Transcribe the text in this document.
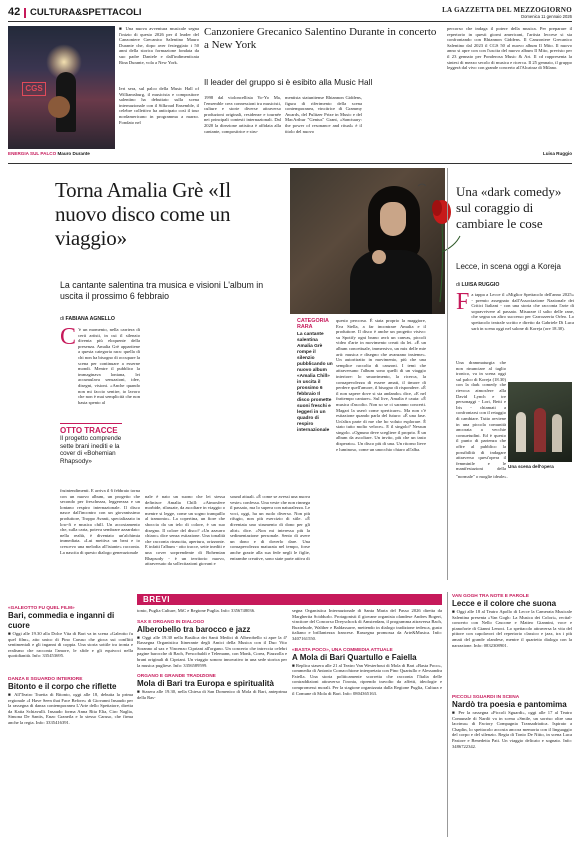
42 CULTURA&SPETTACOLI	LA GAZZETTA DEL MEZZOGIORNO
Domenica 11 gennaio 2026
CGS
ENERGIA SUL PALCO Mauro Durante
■ Una nuova avventura musicale segna l'inizio di questo 2026 per il leader del Canzoniere Grecanico Salentino Mauro Durante che, dopo aver festeggiato i 50 anni della storica formazione fondata da suo padre Daniele e dall'indimenticata Rina Durante, vola a New York.
Ieri sera, sul palco della Music Hall of Williamsburg, il musicista e compositore salentino ha debuttato sulla scena internazionale con il Silkroad Ensemble, il celebre collettivo ha anticipato così il tour nordamericano in programma a marzo. Fondato nel
Canzoniere Grecanico Salentino Durante in concerto a New York
Il leader del gruppo si è esibito alla Music Hall
1998 dal violoncellista Yo-Yo Ma, l'ensemble crea connessioni tra musicisti, culture e storie diverse attraverso produzioni originali, residenze e tournée nei principali contesti internazionali. Dal 2020 la direzione artistica è affidata alla cantante, compositrice e stru-
mentista statunitense Rhiannon Giddens, figura di riferimento della scena contemporanea, vincitrice di Grammy Awards, del Pulitzer Prize in Music e del MacArthur "Genius" Grant, «Sanctuary: the power of resonance and ritual» è il titolo del nuovo
percorso che indaga il potere della musica. Per preparare il repertorio in questi giorni americani, l'artista leccese si sta confrontando con Rhiannon Giddens. Il Canzoniere Grecanico Salentino dal 2023 il CGS 50 al nuovo album Il Mito. Il nuovo anno si apre con con l'uscita del nuovo album Il Mito, previsto per il 23 gennaio per Ponderosa Music & Art. Il cd rappresenta la sintesi di mezzo secolo di musica e ricerca. Il 25 gennaio, il gruppo leggerà dal vivo con grande concerto all'Alcatraz di Milano.
Luisa Ruggio
Torna Amalia Grè «Il nuovo disco come un viaggio»
La cantante salentina tra musica e visioni L'album in uscita il prossimo 6 febbraio
CATEGORIA RARA
La cantante salentina Amalia Grè rompe il silenzio pubblicando un nuovo album «Amalia Chill» in uscita il prossimo 6 febbraio Il disco promette suoni freschi e leggeri in un quadro di respiro internazionale
di FABIANA AGNELLO
C 'è un momento, nella carriera di certi artisti, in cui il silenzio diventa più eloquente della presenza. Amalia Grè appartiene a questa categoria rara: quella di chi non ha bisogno di occupare la scena per continuare a esserne mondi. Mentre il pubblico la immaginava lontana, lei accumulava sensazioni, idee, disegni, visioni. «Anche quando non mi faccio sentire, io lavoro che non è mai semplicità che non basta spento al
OTTO TRACCE
Il progetto comprende sette brani inediti e la cover di «Bohemian Rhapsody»
fruintendimenti. E arriva il 6 febbraio torna con un nuovo album, un progetto che secondo per freschezza, leggerezza e un lontano respiro internazionale. Il disco nasce dall'incontro con un giovanissimo produttore, Troppo Avanti, specializzato in low-fi e musica chill. Un accostamento che, sulla carta, poteva sembrare azzardato: nella realtà, è diventato un'alchimia immediata. «Lui mettiva un beat e io crescevo una melodia all'istante» racconta. La nascita di questo dialogo generazionale
nale è nato un suono che lei stessa definisce Amalia Chill: «Atmosfere morbide, rilassate, da ascoltare in viaggio o mentre si legge, come un sogno tranquillo al tramonto». La copertina, un fiore che sboccia da un telo di colore, è un suo disegno. Il colore del disco? «Un azzurro chiaro» dice senza esitazione. Una tonalità che racconta rinascita, apertura, orizzonte. E infatti l'album - otto tracce, sette inediti e una cover sorprendente di Bohemian Rhapsody - è un territorio nuovo, attraversato da sollecitazioni giovani e
sound attuali. «È come se avessi una nuova veste» confessa. Una veste che non rinnega il passato, ma lo supera con naturalezza. Le voci, oggi, ha un ruolo diverso. Non più rifugio, non più esercizio di stile. «È diventata uno strumento di dono per gli altri» dice. «Non mi interessa più la sedimentazione personale. Sento di avere un dono e di doverlo dare. Una consapevolezza maturata nel tempo, forse anche grazie alla sua fede negli le figlie, entrambe creative, sono state parte attiva di
questo percorso. È stata proprio la maggiore, Eva Stella, a far incontrare Amalia e il produttore. Il disco è anche un progetto visivo: su Spotify ogni brano avrà un canvas, piccoli video d'arte in movimento creati da lei. «È un album concettuale, immersivo, un mix delle mie arti: musica e disegno che avanzano insieme». Un autoritratto in movimento, più che una semplice raccolta di canzoni. I temi che attraversano l'album sono quelli di un viaggio interiore: lo smarrimento, la ricerca, la consapevolezza di essere amati, il timore di perdere quell'amore, il bisogno di rispondere. «È il non sapere dove si sta andando» dice, «E nel frattempo cantare». Sul live, Amalia è cauta: «È musica d'ascolto. Non so se ci saranno concerti. Magari la useró come sperticare». Ma non c'è esitazione quando parla del futuro: «È una fase. Un'altra parte di me che ho voluto esplorare. È stato tutto molto veloce». E il singolo? Nessun singolo. «Ognuno deve scegliere il proprio. È un album da ascoltare. Un invito, più che un tasto disperato». Un disco più di una. Un ritorno lieve e luminoso, come un unocchio chiaro all'alba.
Una «dark comedy» sul coraggio di cambiare le cose
Lecce, in scena oggi a Koreja
di LUISA RUGGIO
F a tappa a Lecce il «Miglior Spettacolo dell'anno 2025» - premio assegnato dall'Associazione Nazionale dei Critici Italiani - con una storia che racconta l'arte di sopravvivere al passato. Misurare il salto delle rane, che segna un altro successo per Carrozzeria Orfeo. Lo spettacolo teatrale scritto e diretto da Gabriele Di Luca sarà in scena oggi nel salone di Koreja (ore 18.30).
Una drammaturgia che non rinunciare al taglio ironico, va in scena oggi sul palco di Koreja (18.30) con la dark comedy che rievoca atmosfere alla David Lynch e tre personaggi - Lori, Betti e Iris - chiamati a confrontarsi con il retaggio di cambiare. Tutto avviene in una piccola comunità ancorata a vecchie consuetudini. Ed è questo il punto di partenza che offre al pubblico la possibilità di indagare attraverso quest'opera il femminile e le manifestazioni della Una scena dell'opera
"normale" o moglie ideale».
BREVI
«GALEOTTO FU QUEL FILM»
Bari, commedia e inganni di cuore
■ Oggi alle 19.30 alla Dolce Vita di Bari va in scena «Galeotto fu quel film», atto unico di Pino Caruso che gioca sui conflitti sentimentali e gli inganni di coppia. Una storia sottile tra ironia e realismo che racconta l'amore, le sfide e gli equivoci nella quotidianità. Info: 335453695.
DANZA E SGUARDO INTERIORE
Bitonto e il corpo che riflette
■ All'Teatro Traetta di Bitonto, oggi alle 18, debutta la prima regionale «I Have Seen that Face Before» di Giovanni Insaudo per la rassegna di danza contemporanea L'Arte dello Spettatore, diretta da Katia Schiavulli. Insaudo forma Anna Rita Elia, Ciro Naglia, Simona De Santis, Enzo Graneila e lo stesso Caruso, che firma anche la regia. Info: 3335416391.
tonio, Puglia Culture, MiC e Regione Puglia. Info: 3356748036.
SAX E ORGANO IN DIALOGO
Alberobello tra barocco e jazz
■ Oggi alle 19.30 nella Basilica dei Santi Medici di Alberobello si apre la 4ª Rassegna Organistica Itinerante degli Amici della Musica con il Duo Vito Soranno al sax e Vincenzo Cipriani all'organo. Un concerto che intreccia celebri pagine barocche di Bach, Frescobaldi e Telemann, con Monk, Corea, Piazzolla e brani originali di Cipriani. Un viaggio sonoro innovativo in una sede storica per la musica pugliese. Info: 3356589599.
ORGANO E GRANDE TRADIZIONE
Mola di Bari tra Europa e spiritualità
■ Stasera alle 19.30, nella Chiesa di San Domenico di Mola di Bari, anteprima della Ras-
segna Organistica Internazionale di Santa Maria del Passo 2026 diretta da Margherita Sciddurlo. Protagonisti il giovane organista olandese Andres Bogert, vincitore del Concorso Dreyschock di Amsterdam, il programma attraversa Bach, Buxtehude, Walther e Baldassarre, mettendo in dialogo tradizione tedesca, gusto italiano e brillantezza francese. Rassegna promossa da Arte&Musica. Info: 3407161550.
«BASTA POCO», UNA COMMEDIA ATTUALE
A Mola di Bari Quartullo e Faiella
■ Replica stasera alle 21 al Teatro Van Westerhout di Mola di Bari «Basta Poco», commedia di Antonio Cornacchione interpretata con Pino Quartullo e Alessandra Faiella. Una storia politicamente scorretta che racconta l'Italia delle contraddizioni attraverso l'ironia, riprendo travolto da affetti, ideologie e compromessi morali. Per la stagione organizzata dalla Regione Puglia, Cultura e il Comune di Mola di Bari. Info: 0804365163.
VAN GOGH TRA NOTE E PAROLE
Lecce e il colore che suona
■ Oggi alle 18 al Teatro Apollo di Lecce la Camerata Musicale Salentina presenta «Van Gogh: La Musica dei Colori», recital-concerto con Nello Cascone e Matteo Giannini, voce e pianoforte di Gianni Lenoci. Lo spettacolo attraversa la vita del pittore con capolavori del repertorio classico e jazz, tra i più amati del grande olandese, mentre il quartetto dialoga con la narrazione. Info: 0832308901.
PICCOLI SGUARDI IN SCENA
Nardò tra poesia e pantomima
■ Per la rassegna «Piccoli Sguardi», oggi alle 17 al Teatro Comunale di Nardò va in scena «Smile, un sorriso oltre una lacrima» di Factory Compagnia Transadriatica. Ispirato a Chaplin, lo spettacolo accosta ancora memoria con il linguaggio del corpo e del silenzio. Regia di Tonio De Nitto, in scena Luca Pastore e Benedetta Pati. Un viaggio delicato e sognato. Info: 3486722342.
